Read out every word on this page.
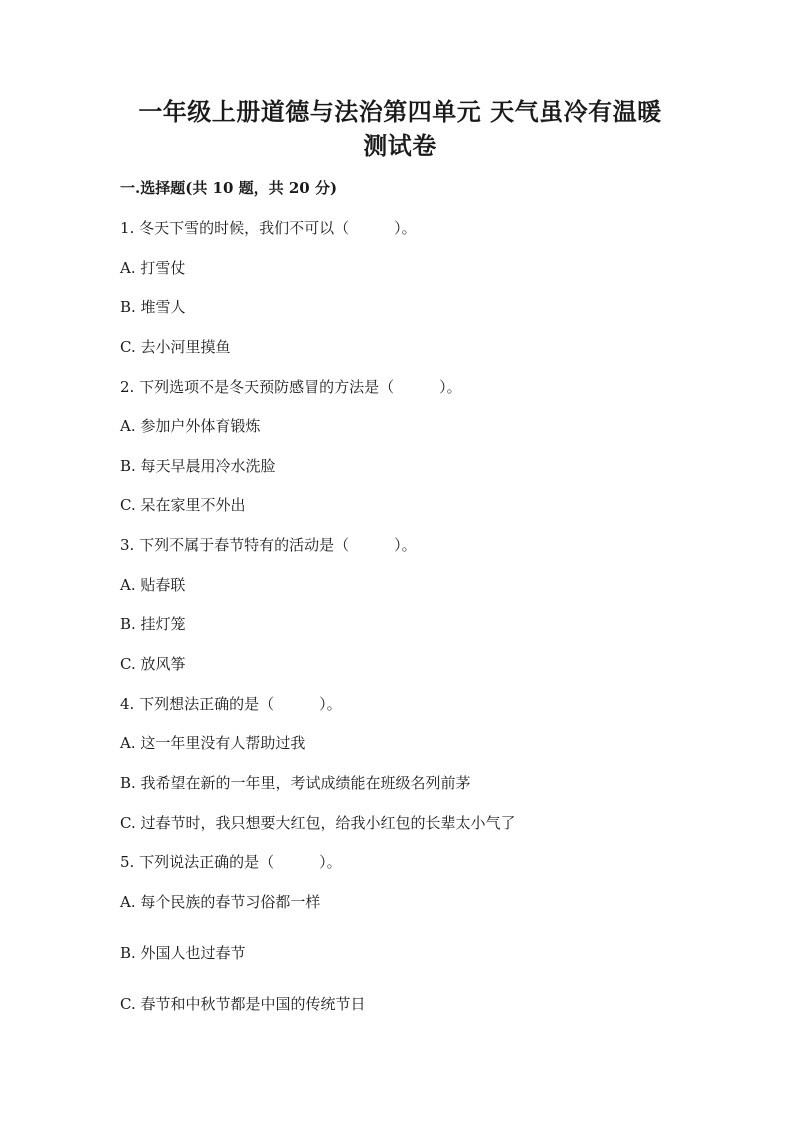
一年级上册道德与法治第四单元 天气虽冷有温暖
测试卷
一.选择题(共 10 题，共 20 分)
1. 冬天下雪的时候，我们不可以（　　　）。
A. 打雪仗
B. 堆雪人
C. 去小河里摸鱼
2. 下列选项不是冬天预防感冒的方法是（　　　）。
A. 参加户外体育锻炼
B. 每天早晨用冷水洗脸
C. 呆在家里不外出
3. 下列不属于春节特有的活动是（　　　）。
A. 贴春联
B. 挂灯笼
C. 放风筝
4. 下列想法正确的是（　　　）。
A. 这一年里没有人帮助过我
B. 我希望在新的一年里，考试成绩能在班级名列前茅
C. 过春节时，我只想要大红包，给我小红包的长辈太小气了
5. 下列说法正确的是（　　　）。
A. 每个民族的春节习俗都一样
B. 外国人也过春节
C. 春节和中秋节都是中国的传统节日
